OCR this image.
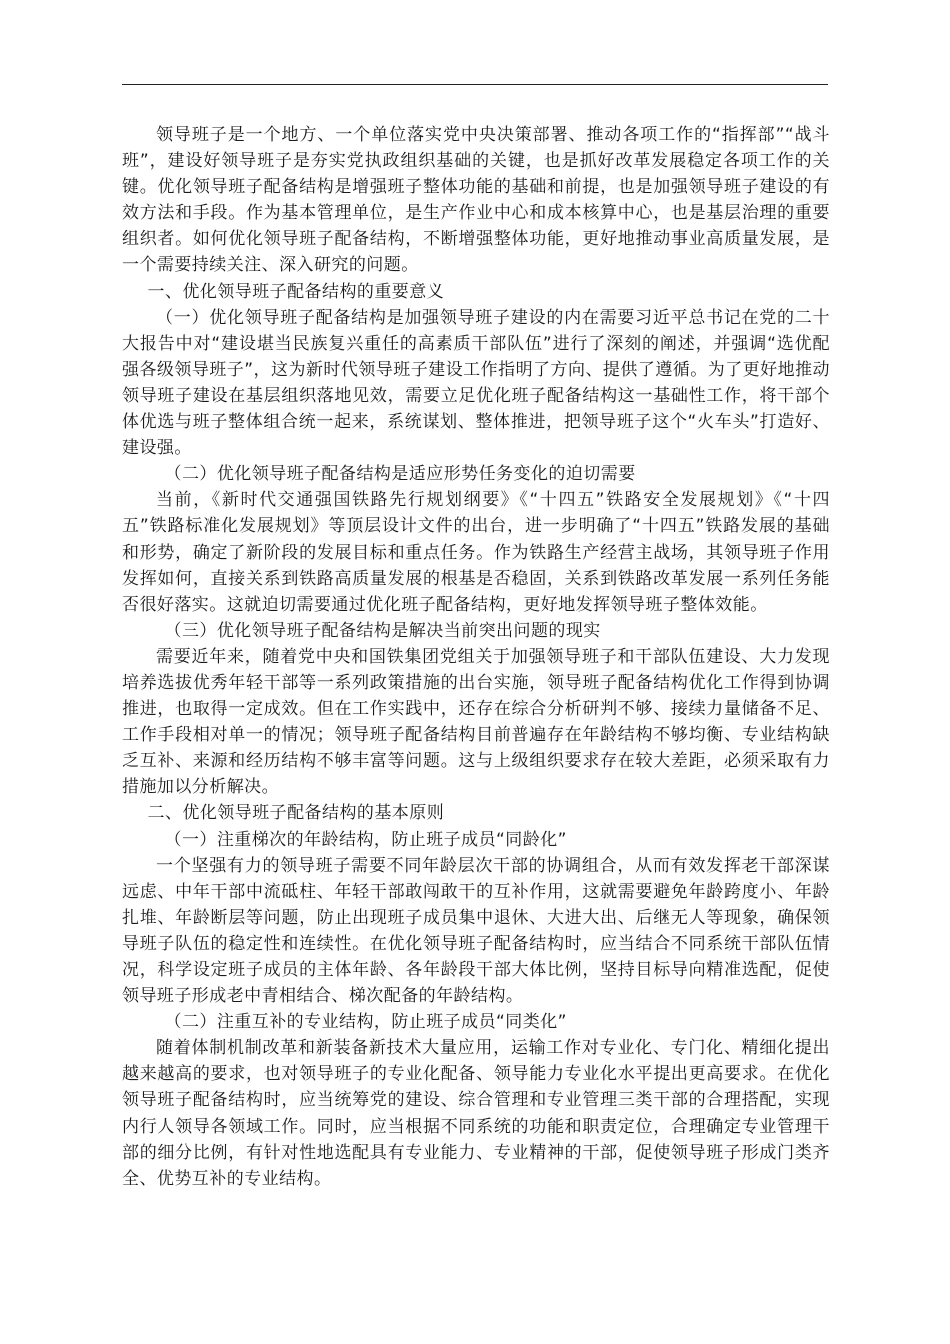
领导班子是一个地方、一个单位落实党中央决策部署、推动各项工作的“指挥部”“战斗班”，建设好领导班子是夯实党执政组织基础的关键，也是抓好改革发展稳定各项工作的关键。优化领导班子配备结构是增强班子整体功能的基础和前提，也是加强领导班子建设的有效方法和手段。作为基本管理单位，是生产作业中心和成本核算中心，也是基层治理的重要组织者。如何优化领导班子配备结构，不断增强整体功能，更好地推动事业高质量发展，是一个需要持续关注、深入研究的问题。

一、优化领导班子配备结构的重要意义

（一）优化领导班子配备结构是加强领导班子建设的内在需要习近平总书记在党的二十大报告中对“建设堪当民族复兴重任的高素质干部队伍”进行了深刻的阐述，并强调“选优配强各级领导班子”，这为新时代领导班子建设工作指明了方向、提供了遵循。为了更好地推动领导班子建设在基层组织落地见效，需要立足优化班子配备结构这一基础性工作，将干部个体优选与班子整体组合统一起来，系统谋划、整体推进，把领导班子这个“火车头”打造好、建设强。

（二）优化领导班子配备结构是适应形势任务变化的迫切需要

当前，《新时代交通强国铁路先行规划纲要》《“十四五”铁路安全发展规划》《“十四五”铁路标准化发展规划》等顶层设计文件的出台，进一步明确了“十四五”铁路发展的基础和形势，确定了新阶段的发展目标和重点任务。作为铁路生产经营主战场，其领导班子作用发挥如何，直接关系到铁路高质量发展的根基是否稳固，关系到铁路改革发展一系列任务能否很好落实。这就迫切需要通过优化班子配备结构，更好地发挥领导班子整体效能。

（三）优化领导班子配备结构是解决当前突出问题的现实

需要近年来，随着党中央和国铁集团党组关于加强领导班子和干部队伍建设、大力发现培养选拔优秀年轻干部等一系列政策措施的出台实施，领导班子配备结构优化工作得到协调推进，也取得一定成效。但在工作实践中，还存在综合分析研判不够、接续力量储备不足、工作手段相对单一的情况；领导班子配备结构目前普遍存在年龄结构不够均衡、专业结构缺乏互补、来源和经历结构不够丰富等问题。这与上级组织要求存在较大差距，必须采取有力措施加以分析解决。

二、优化领导班子配备结构的基本原则

（一）注重梯次的年龄结构，防止班子成员“同龄化”

一个坚强有力的领导班子需要不同年龄层次干部的协调组合，从而有效发挥老干部深谋远虑、中年干部中流砥柱、年轻干部敢闯敢干的互补作用，这就需要避免年龄跨度小、年龄扎堆、年龄断层等问题，防止出现班子成员集中退休、大进大出、后继无人等现象，确保领导班子队伍的稳定性和连续性。在优化领导班子配备结构时，应当结合不同系统干部队伍情况，科学设定班子成员的主体年龄、各年龄段干部大体比例，坚持目标导向精准选配，促使领导班子形成老中青相结合、梯次配备的年龄结构。

（二）注重互补的专业结构，防止班子成员“同类化”

随着体制机制改革和新装备新技术大量应用，运输工作对专业化、专门化、精细化提出越来越高的要求，也对领导班子的专业化配备、领导能力专业化水平提出更高要求。在优化领导班子配备结构时，应当统筹党的建设、综合管理和专业管理三类干部的合理搭配，实现内行人领导各领域工作。同时，应当根据不同系统的功能和职责定位，合理确定专业管理干部的细分比例，有针对性地选配具有专业能力、专业精神的干部，促使领导班子形成门类齐全、优势互补的专业结构。
